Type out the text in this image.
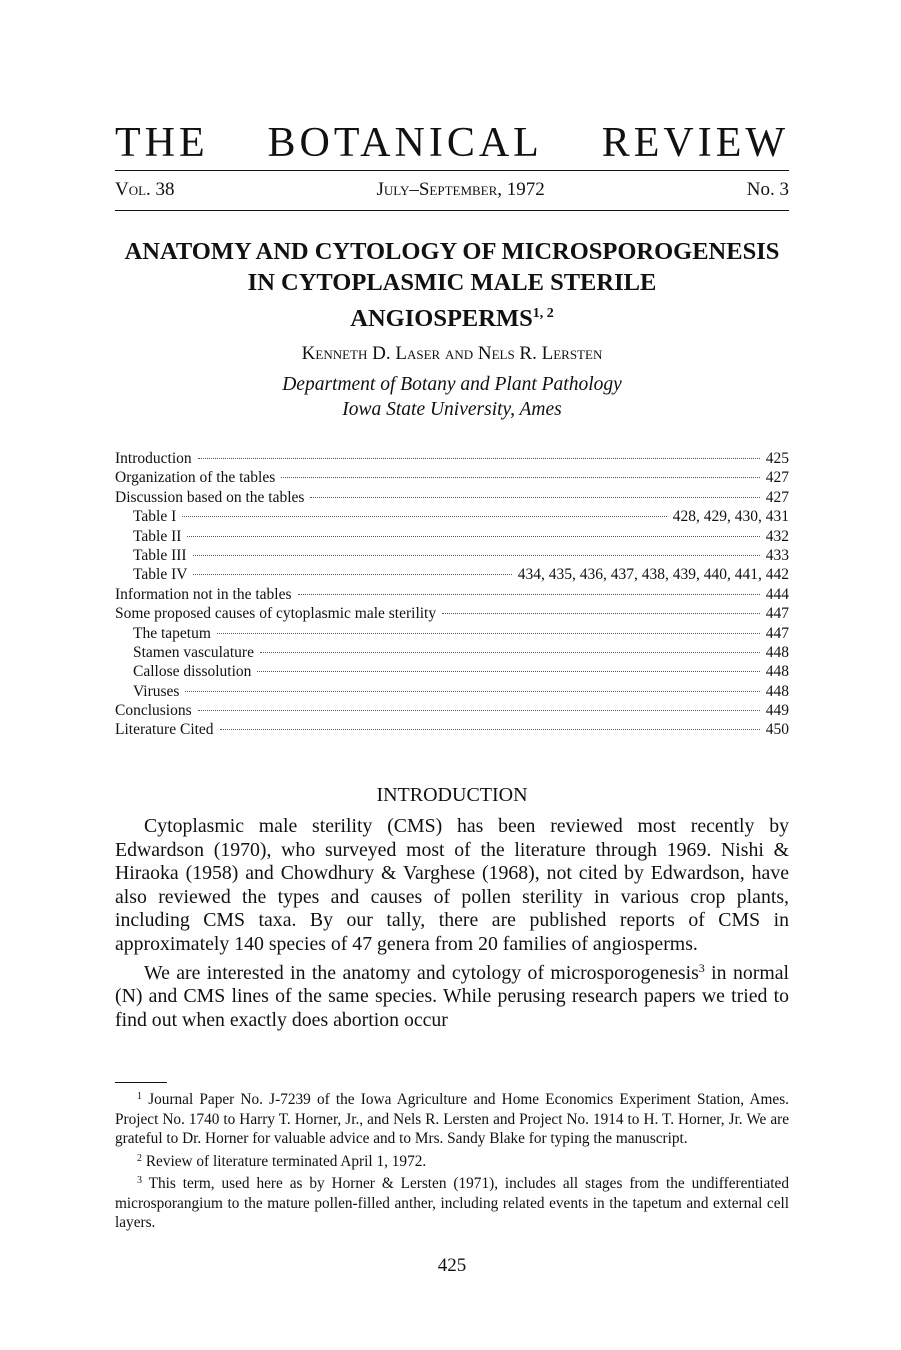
THE BOTANICAL REVIEW
Vol. 38	July–September, 1972	No. 3
ANATOMY AND CYTOLOGY OF MICROSPOROGENESIS
IN CYTOPLASMIC MALE STERILE
ANGIOSPERMS$^{1, 2}$
Kenneth D. Laser and Nels R. Lersten
Department of Botany and Plant Pathology
Iowa State University, Ames
Introduction	425
Organization of the tables	427
Discussion based on the tables	427
Table I	428, 429, 430, 431
Table II	432
Table III	433
Table IV	434, 435, 436, 437, 438, 439, 440, 441, 442
Information not in the tables	444
Some proposed causes of cytoplasmic male sterility	447
The tapetum	447
Stamen vasculature	448
Callose dissolution	448
Viruses	448
Conclusions	449
Literature Cited	450
INTRODUCTION

Cytoplasmic male sterility (CMS) has been reviewed most recently by Edwardson (1970), who surveyed most of the literature through 1969. Nishi & Hiraoka (1958) and Chowdhury & Varghese (1968), not cited by Edwardson, have also reviewed the types and causes of pollen sterility in various crop plants, including CMS taxa. By our tally, there are published reports of CMS in approximately 140 species of 47 genera from 20 families of angiosperms.

We are interested in the anatomy and cytology of microsporogenesis$^3$ in normal (N) and CMS lines of the same species. While perusing research papers we tried to find out when exactly does abortion occur

$^1$ Journal Paper No. J-7239 of the Iowa Agriculture and Home Economics Experiment Station, Ames. Project No. 1740 to Harry T. Horner, Jr., and Nels R. Lersten and Project No. 1914 to H. T. Horner, Jr. We are grateful to Dr. Horner for valuable advice and to Mrs. Sandy Blake for typing the manuscript.

$^2$ Review of literature terminated April 1, 1972.

$^3$ This term, used here as by Horner & Lersten (1971), includes all stages from the undifferentiated microsporangium to the mature pollen-filled anther, including related events in the tapetum and external cell layers.

425
